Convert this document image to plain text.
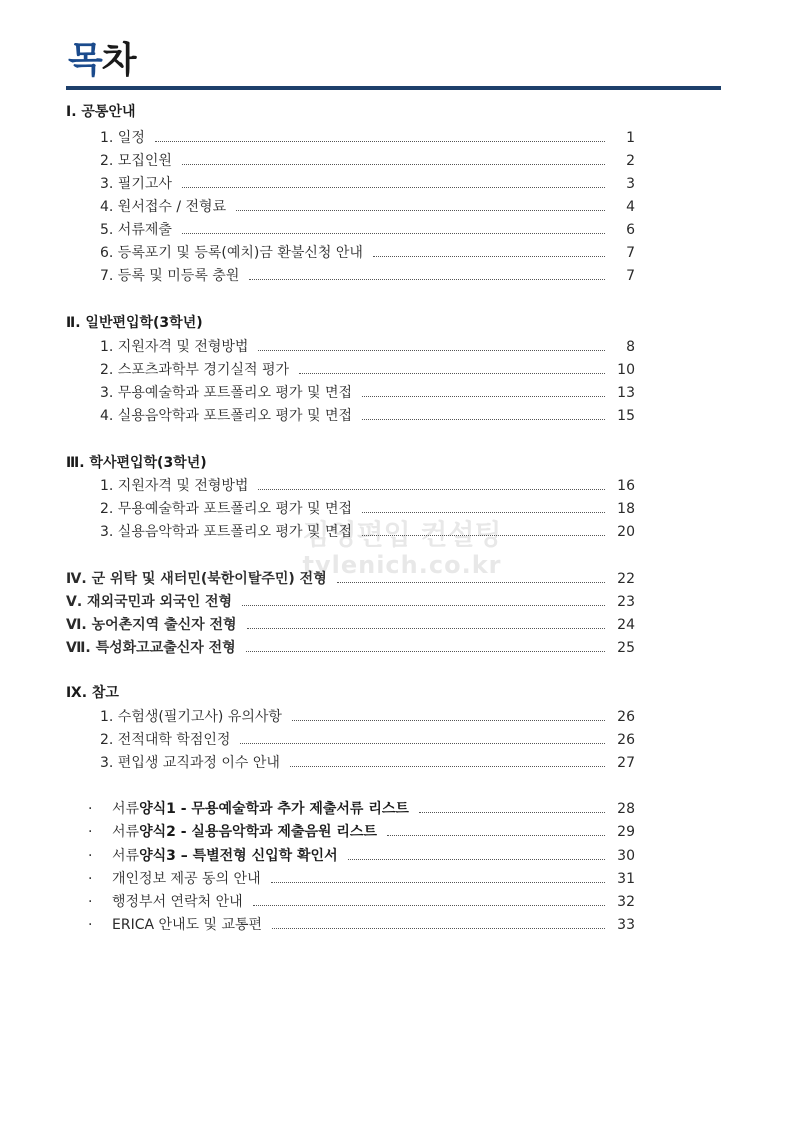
목차
김영편입 컨설팅
tylenich.co.kr
Ⅰ. 공통안내
1. 일정	1
2. 모집인원	2
3. 필기고사	3
4. 원서접수 / 전형료	4
5. 서류제출	6
6. 등록포기 및 등록(예치)금 환불신청 안내	7
7. 등록 및 미등록 충원	7
Ⅱ. 일반편입학(3학년)
1. 지원자격 및 전형방법	8
2. 스포츠과학부 경기실적 평가	10
3. 무용예술학과 포트폴리오 평가 및 면접	13
4. 실용음악학과 포트폴리오 평가 및 면접	15
Ⅲ. 학사편입학(3학년)
1. 지원자격 및 전형방법	16
2. 무용예술학과 포트폴리오 평가 및 면접	18
3. 실용음악학과 포트폴리오 평가 및 면접	20
Ⅳ. 군 위탁 및 새터민(북한이탈주민) 전형	22
Ⅴ. 재외국민과 외국인 전형	23
Ⅵ. 농어촌지역 출신자 전형	24
Ⅶ. 특성화고교출신자 전형	25
Ⅸ. 참고
1. 수험생(필기고사) 유의사항	26
2. 전적대학 학점인정	26
3. 편입생 교직과정 이수 안내	27
· 서류양식1 - 무용예술학과 추가 제출서류 리스트	28
· 서류양식2 - 실용음악학과 제출음원 리스트	29
· 서류양식3 – 특별전형 신입학 확인서	30
· 개인정보 제공 동의 안내	31
· 행정부서 연락처 안내	32
· ERICA 안내도 및 교통편	33
